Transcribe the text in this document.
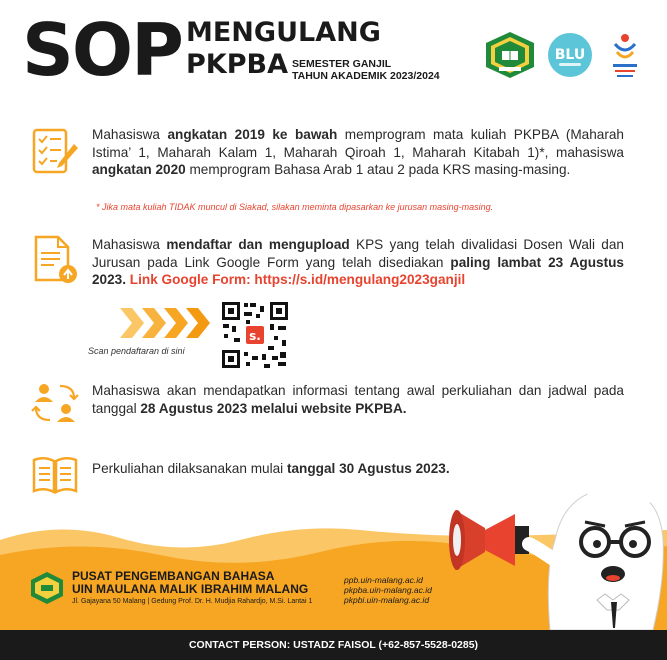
SOP MENGULANG
PKPBA SEMESTER GANJIL
TAHUN AKADEMIK 2023/2024
BLU
Mahasiswa angkatan 2019 ke bawah memprogram mata kuliah PKPBA (Maharah Istima’ 1, Maharah Kalam 1, Maharah Qiroah 1, Maharah Kitabah 1)*, mahasiswa angkatan 2020 memprogram Bahasa Arab 1 atau 2 pada KRS masing-masing.
* Jika mata kuliah TIDAK muncul di Siakad, silakan meminta dipasarkan ke jurusan masing-masing.
Mahasiswa mendaftar dan mengupload KPS yang telah divalidasi Dosen Wali dan Jurusan pada Link Google Form yang telah disediakan paling lambat 23 Agustus 2023. Link Google Form: https://s.id/mengulang2023ganjil
Scan pendaftaran di sini
s.
Mahasiswa akan mendapatkan informasi tentang awal perkuliahan dan jadwal pada tanggal 28 Agustus 2023 melalui website PKPBA.
Perkuliahan dilaksanakan mulai tanggal 30 Agustus 2023.
PUSAT PENGEMBANGAN BAHASA
UIN MAULANA MALIK IBRAHIM MALANG
Jl. Gajayana 50 Malang | Gedung Prof. Dr. H. Mudjia Rahardjo, M.Si. Lantai 1
ppb.uin-malang.ac.id
pkpba.uin-malang.ac.id
pkpbi.uin-malang.ac.id
CONTACT PERSON: USTADZ FAISOL (+62-857-5528-0285)
